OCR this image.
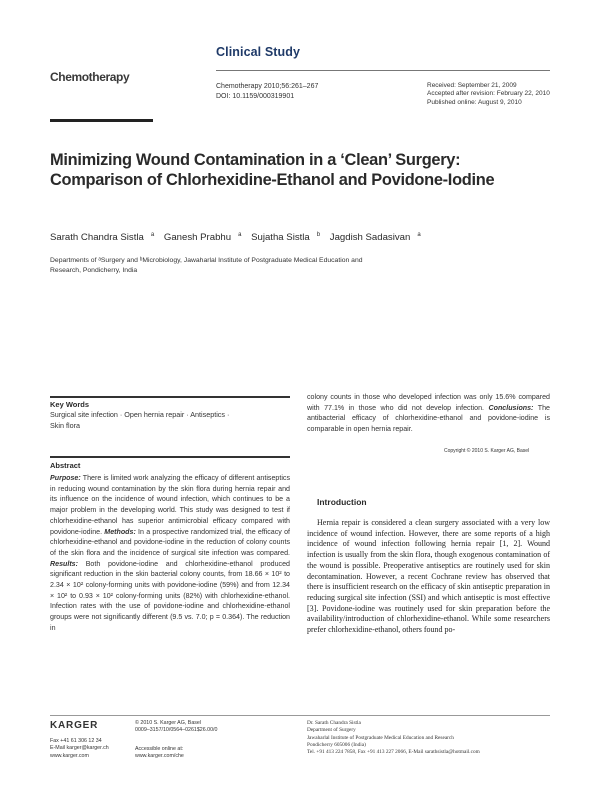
Clinical Study
Chemotherapy
Chemotherapy 2010;56:261–267
DOI: 10.1159/000319901
Received: September 21, 2009
Accepted after revision: February 22, 2010
Published online: August 9, 2010
Minimizing Wound Contamination in a ‘Clean’ Surgery: Comparison of Chlorhexidine-Ethanol and Povidone-Iodine
Sarath Chandra Sistla $^a$ Ganesh Prabhu $^a$ Sujatha Sistla $^b$ Jagdish Sadasivan $^a$
Departments of ᵃSurgery and ᵇMicrobiology, Jawaharlal Institute of Postgraduate Medical Education and
Research, Pondicherry, India
Key Words
Surgical site infection · Open hernia repair · Antiseptics ·
Skin flora
Abstract
Purpose: There is limited work analyzing the efficacy of different antiseptics in reducing wound contamination by the skin flora during hernia repair and its influence on the incidence of wound infection, which continues to be a major problem in the developing world. This study was designed to test if chlorhexidine-ethanol has superior antimicrobial efficacy compared with povidone-iodine. Methods: In a prospective randomized trial, the efficacy of chlorhexidine-ethanol and povidone-iodine in the reduction of colony counts of the skin flora and the incidence of surgical site infection was compared. Results: Both povidone-iodine and chlorhexidine-ethanol produced significant reduction in the skin bacterial colony counts, from 18.66 × 10² to 2.34 × 10² colony-forming units with povidone-iodine (59%) and from 12.34 × 10² to 0.93 × 10² colony-forming units (82%) with chlorhexidine-ethanol. Infection rates with the use of povidone-iodine and chlorhexidine-ethanol groups were not significantly different (9.5 vs. 7.0; p = 0.364). The reduction in
colony counts in those who developed infection was only 15.6% compared with 77.1% in those who did not develop infection. Conclusions: The antibacterial efficacy of chlorhexidine-ethanol and povidone-iodine is comparable in open hernia repair.
Copyright © 2010 S. Karger AG, Basel
Introduction
Hernia repair is considered a clean surgery associated with a very low incidence of wound infection. However, there are some reports of a high incidence of wound infection following hernia repair [1, 2]. Wound infection is usually from the skin flora, though exogenous contamination of the wound is possible. Preoperative antiseptics are routinely used for skin decontamination. However, a recent Cochrane review has observed that there is insufficient research on the efficacy of skin antiseptic preparation in reducing surgical site infection (SSI) and which antiseptic is most effective [3]. Povidone-iodine was routinely used for skin preparation before the availability/introduction of chlorhexidine-ethanol. While some researchers prefer chlorhexidine-ethanol, others found po-
KARGER
Fax +41 61 306 12 34
E-Mail karger@karger.ch
www.karger.com
© 2010 S. Karger AG, Basel
0009–3157/10/0564–0261$26.00/0
Accessible online at:
www.karger.com/che
Dr. Sarath Chandra Sistla
Department of Surgery
Jawaharlal Institute of Postgraduate Medical Education and Research
Pondicherry 605006 (India)
Tel. +91 413 224 7858, Fax +91 413 227 2066, E-Mail sarathsistla@hotmail.com
